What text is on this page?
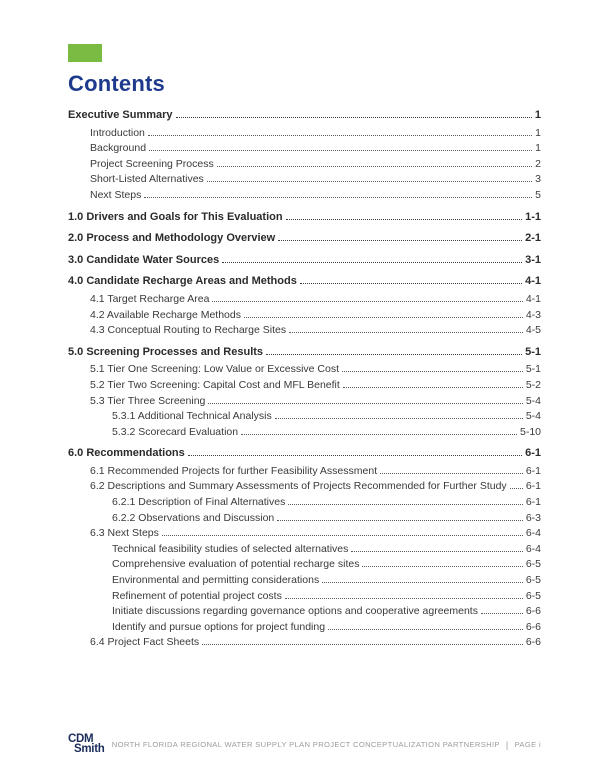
Contents
Executive Summary	1
Introduction	1
Background	1
Project Screening Process	2
Short-Listed Alternatives	3
Next Steps	5
1.0 Drivers and Goals for This Evaluation	1-1
2.0 Process and Methodology Overview	2-1
3.0 Candidate Water Sources	3-1
4.0 Candidate Recharge Areas and Methods	4-1
4.1 Target Recharge Area	4-1
4.2 Available Recharge Methods	4-3
4.3 Conceptual Routing to Recharge Sites	4-5
5.0 Screening Processes and Results	5-1
5.1 Tier One Screening: Low Value or Excessive Cost	5-1
5.2 Tier Two Screening: Capital Cost and MFL Benefit	5-2
5.3 Tier Three Screening	5-4
5.3.1 Additional Technical Analysis	5-4
5.3.2 Scorecard Evaluation	5-10
6.0 Recommendations	6-1
6.1 Recommended Projects for further Feasibility Assessment	6-1
6.2 Descriptions and Summary Assessments of Projects Recommended for Further Study 6-1
6.2.1 Description of Final Alternatives	6-1
6.2.2 Observations and Discussion	6-3
6.3 Next Steps	6-4
Technical feasibility studies of selected alternatives	6-4
Comprehensive evaluation of potential recharge sites	6-5
Environmental and permitting considerations	6-5
Refinement of potential project costs	6-5
Initiate discussions regarding governance options and cooperative agreements	6-6
Identify and pursue options for project funding	6-6
6.4 Project Fact Sheets	6-6
CDM
Smith NORTH FLORIDA REGIONAL WATER SUPPLY PLAN PROJECT CONCEPTUALIZATION PARTNERSHIP | PAGE i
